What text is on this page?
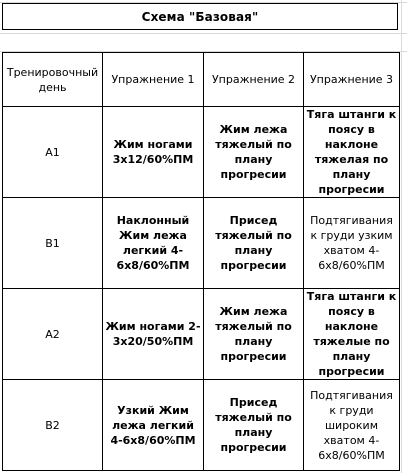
Схема "Базовая"
Тренировочный день	Упражнение 1	Упражнение 2	Упражнение 3
А1	Жим ногами 3х12/60%ПМ	Жим лежа тяжелый по плану прогресии	Тяга штанги к поясу в наклоне тяжелая по плану прогресии
В1	Наклонный Жим лежа легкий 4-6х8/60%ПМ	Присед тяжелый по плану прогресии	Подтягивания к груди узким хватом 4-6х8/60%ПМ
А2	Жим ногами 2-3х20/50%ПМ	Жим лежа тяжелый по плану прогресии	Тяга штанги к поясу в наклоне тяжелые по плану прогресии
В2	Узкий Жим лежа легкий 4-6х8/60%ПМ	Присед тяжелый по плану прогресии	Подтягивания к груди широким хватом 4-6х8/60%ПМ
